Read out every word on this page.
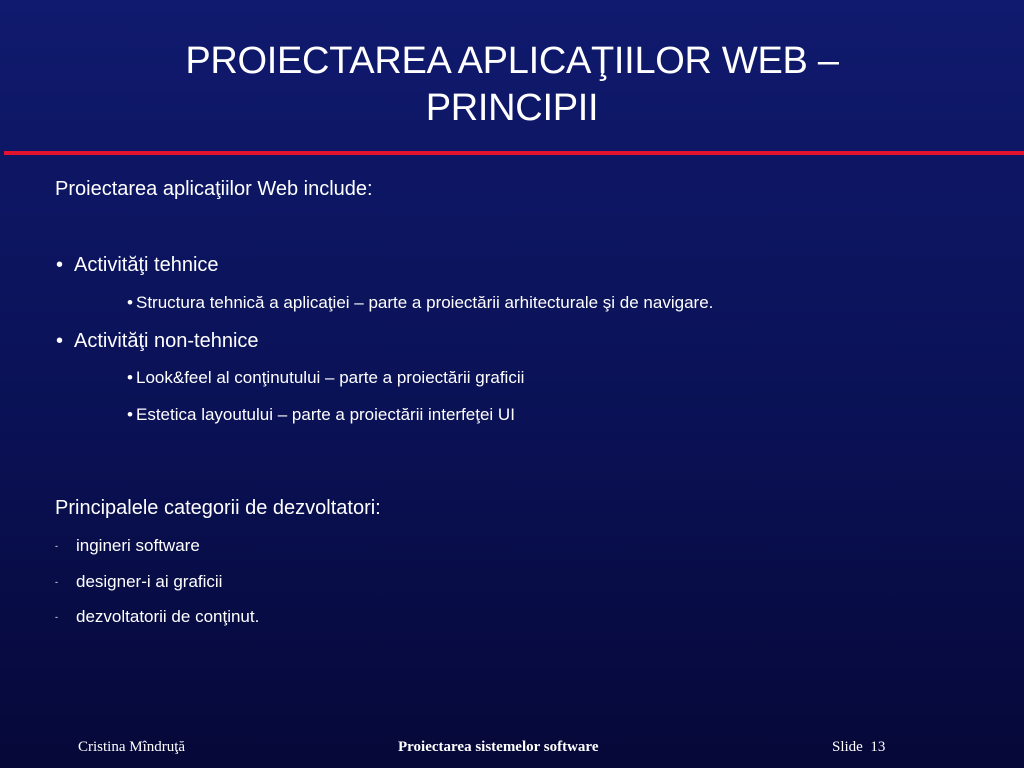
PROIECTAREA APLICAŢIILOR WEB –
PRINCIPII
Proiectarea aplicaţiilor Web include:
• Activităţi tehnice
• Structura tehnică a aplicaţiei – parte a proiectării arhitecturale şi de navigare.
• Activităţi non-tehnice
• Look&feel al conţinutului – parte a proiectării graficii
• Estetica layoutului – parte a proiectării interfeţei UI
Principalele categorii de dezvoltatori:
- ingineri software
- designer-i ai graficii
- dezvoltatorii de conţinut.
Cristina Mîndruţă	Proiectarea sistemelor software	Slide 13
